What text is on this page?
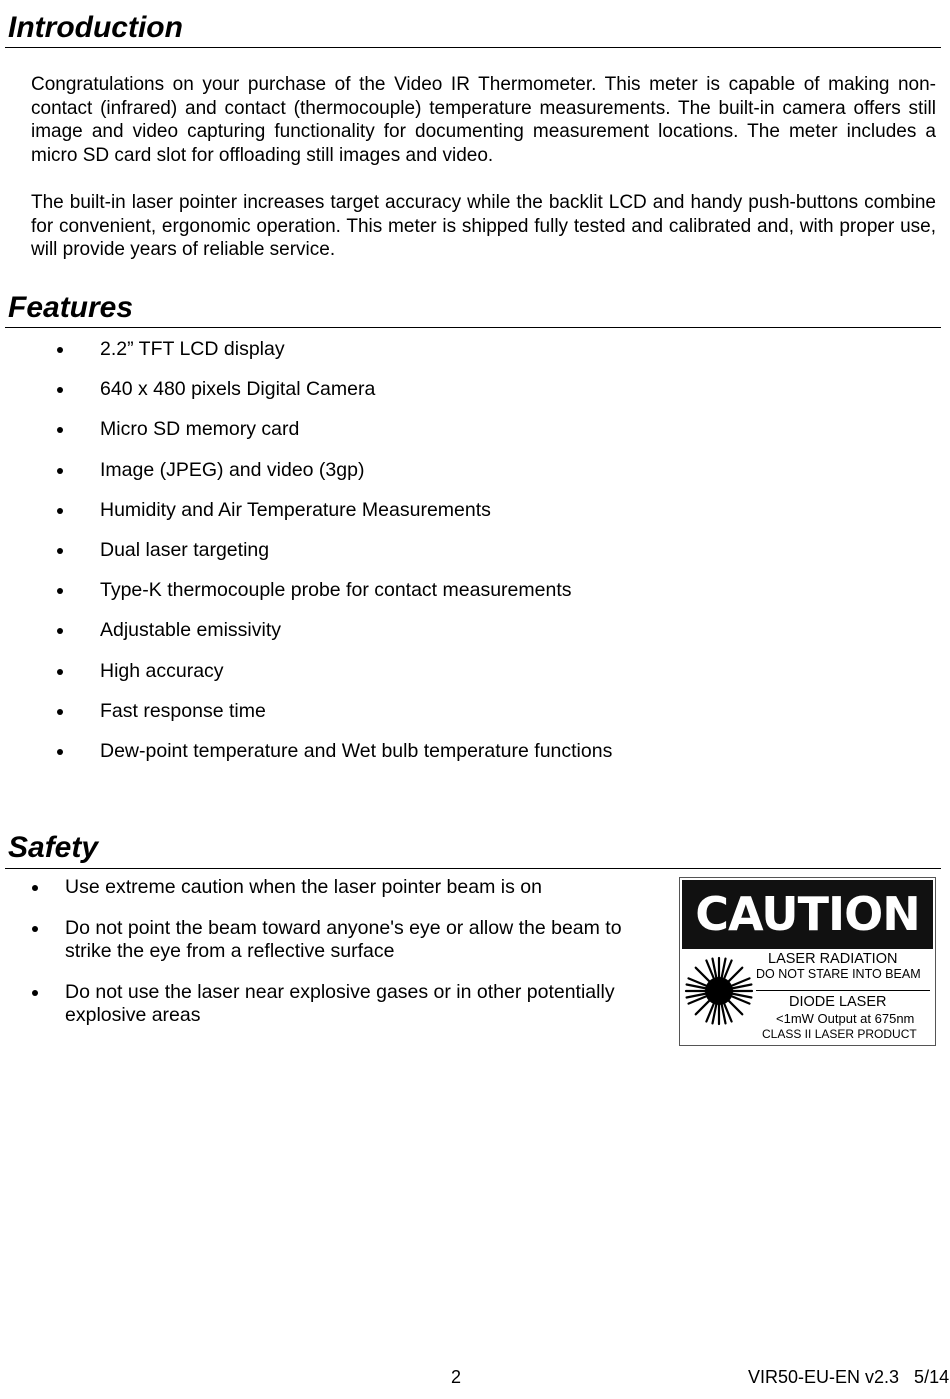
Introduction

Congratulations on your purchase of the Video IR Thermometer. This meter is capable of making non-contact (infrared) and contact (thermocouple) temperature measurements. The built-in camera offers still image and video capturing functionality for documenting measurement locations. The meter includes a micro SD card slot for offloading still images and video.

The built-in laser pointer increases target accuracy while the backlit LCD and handy push-buttons combine for convenient, ergonomic operation. This meter is shipped fully tested and calibrated and, with proper use, will provide years of reliable service.

Features
2.2” TFT LCD display
640 x 480 pixels Digital Camera
Micro SD memory card
Image (JPEG) and video (3gp)
Humidity and Air Temperature Measurements
Dual laser targeting
Type-K thermocouple probe for contact measurements
Adjustable emissivity
High accuracy
Fast response time
Dew-point temperature and Wet bulb temperature functions
Safety
Use extreme caution when the laser pointer beam is on
Do not point the beam toward anyone's eye or allow the beam to strike the eye from a reflective surface
Do not use the laser near explosive gases or in other potentially explosive areas
CAUTION
LASER RADIATION
DO NOT STARE INTO BEAM
DIODE LASER
<1mW Output at 675nm
CLASS II LASER PRODUCT
2	VIR50-EU-EN v2.3   5/14
